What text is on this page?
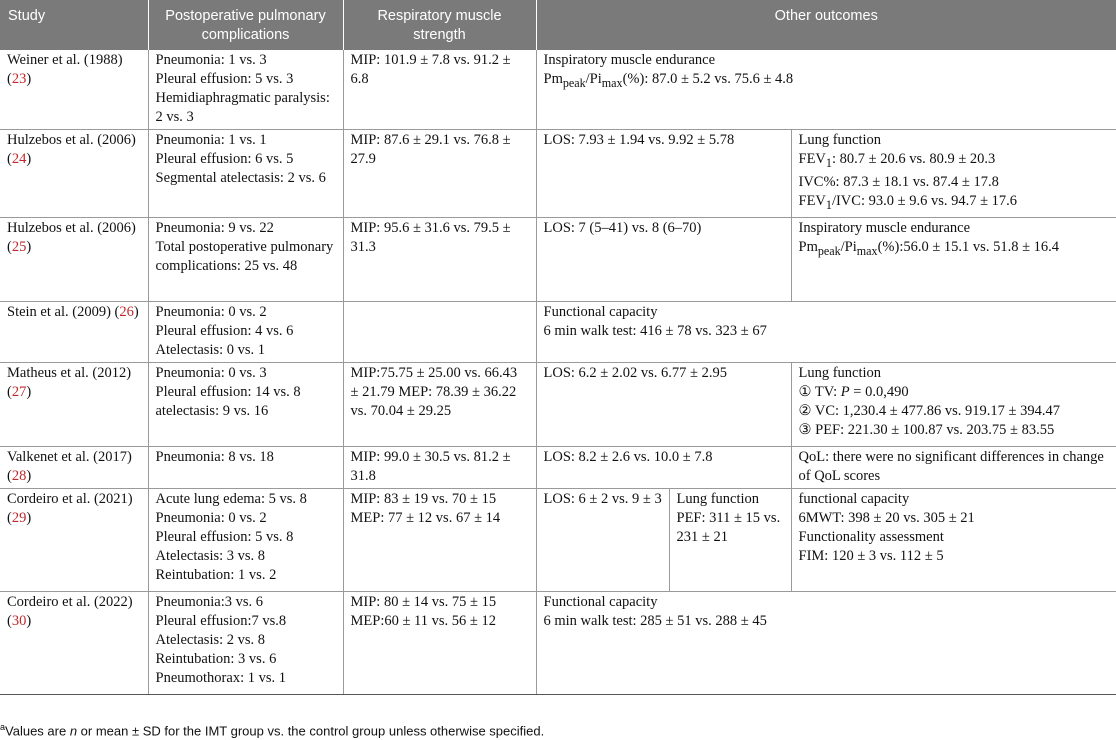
Study	Postoperative pulmonary complications	Respiratory muscle strength	Other outcomes		
Weiner et al. (1988) (23)	Pneumonia: 1 vs. 3
Pleural effusion: 5 vs. 3
Hemidiaphragmatic paralysis: 2 vs. 3	MIP: 101.9 ± 7.8 vs. 91.2 ± 6.8	Inspiratory muscle endurance
$Pm_{peak}/Pi_{max}(\%)$: 87.0 ± 5.2 vs. 75.6 ± 4.8		

Hulzebos et al. (2006) (24)	Pneumonia: 1 vs. 1
Pleural effusion: 6 vs. 5
Segmental atelectasis: 2 vs. 6	MIP: 87.6 ± 29.1 vs. 76.8 ± 27.9	LOS: 7.93 ± 1.94 vs. 9.92 ± 5.78		Lung function
$FEV_1$: 80.7 ± 20.6 vs. 80.9 ± 20.3
IVC%: 87.3 ± 18.1 vs. 87.4 ± 17.8
$FEV_1$/IVC: 93.0 ± 9.6 vs. 94.7 ± 17.6

Hulzebos et al. (2006) (25)	Pneumonia: 9 vs. 22
Total postoperative pulmonary complications: 25 vs. 48	MIP: 95.6 ± 31.6 vs. 79.5 ± 31.3	LOS: 7 (5–41) vs. 8 (6–70)		Inspiratory muscle endurance
$Pm_{peak}/Pi_{max}(\%):56.0 \pm 15.1$ vs. 51.8 ± 16.4

Stein et al. (2009) (26)	Pneumonia: 0 vs. 2
Pleural effusion: 4 vs. 6
Atelectasis: 0 vs. 1		Functional capacity
6 min walk test: 416 ± 78 vs. 323 ± 67		

Matheus et al. (2012) (27)	Pneumonia: 0 vs. 3
Pleural effusion: 14 vs. 8
atelectasis: 9 vs. 16	MIP:75.75 ± 25.00 vs. 66.43 ± 21.79 MEP: 78.39 ± 36.22 vs. 70.04 ± 29.25	LOS: 6.2 ± 2.02 vs. 6.77 ± 2.95		Lung function
① TV: P = 0.0,490
② VC: 1,230.4 ± 477.86 vs. 919.17 ± 394.47
③ PEF: 221.30 ± 100.87 vs. 203.75 ± 83.55

Valkenet et al. (2017) (28)	Pneumonia: 8 vs. 18	MIP: 99.0 ± 30.5 vs. 81.2 ± 31.8	LOS: 8.2 ± 2.6 vs. 10.0 ± 7.8		QoL: there were no significant differences in change of QoL scores

Cordeiro et al. (2021) (29)	Acute lung edema: 5 vs. 8
Pneumonia: 0 vs. 2
Pleural effusion: 5 vs. 8
Atelectasis: 3 vs. 8
Reintubation: 1 vs. 2	MIP: 83 ± 19 vs. 70 ± 15 MEP: 77 ± 12 vs. 67 ± 14	LOS: 6 ± 2 vs. 9 ± 3	Lung function
PEF: 311 ± 15 vs. 231 ± 21	functional capacity
6MWT: 398 ± 20 vs. 305 ± 21
Functionality assessment
FIM: 120 ± 3 vs. 112 ± 5

Cordeiro et al. (2022) (30)	Pneumonia:3 vs. 6
Pleural effusion:7 vs.8
Atelectasis: 2 vs. 8
Reintubation: 3 vs. 6
Pneumothorax: 1 vs. 1	MIP: 80 ± 14 vs. 75 ± 15 MEP:60 ± 11 vs. 56 ± 12	Functional capacity
6 min walk test: 285 ± 51 vs. 288 ± 45		
$^a$Values are n or mean ± SD for the IMT group vs. the control group unless otherwise specified.
